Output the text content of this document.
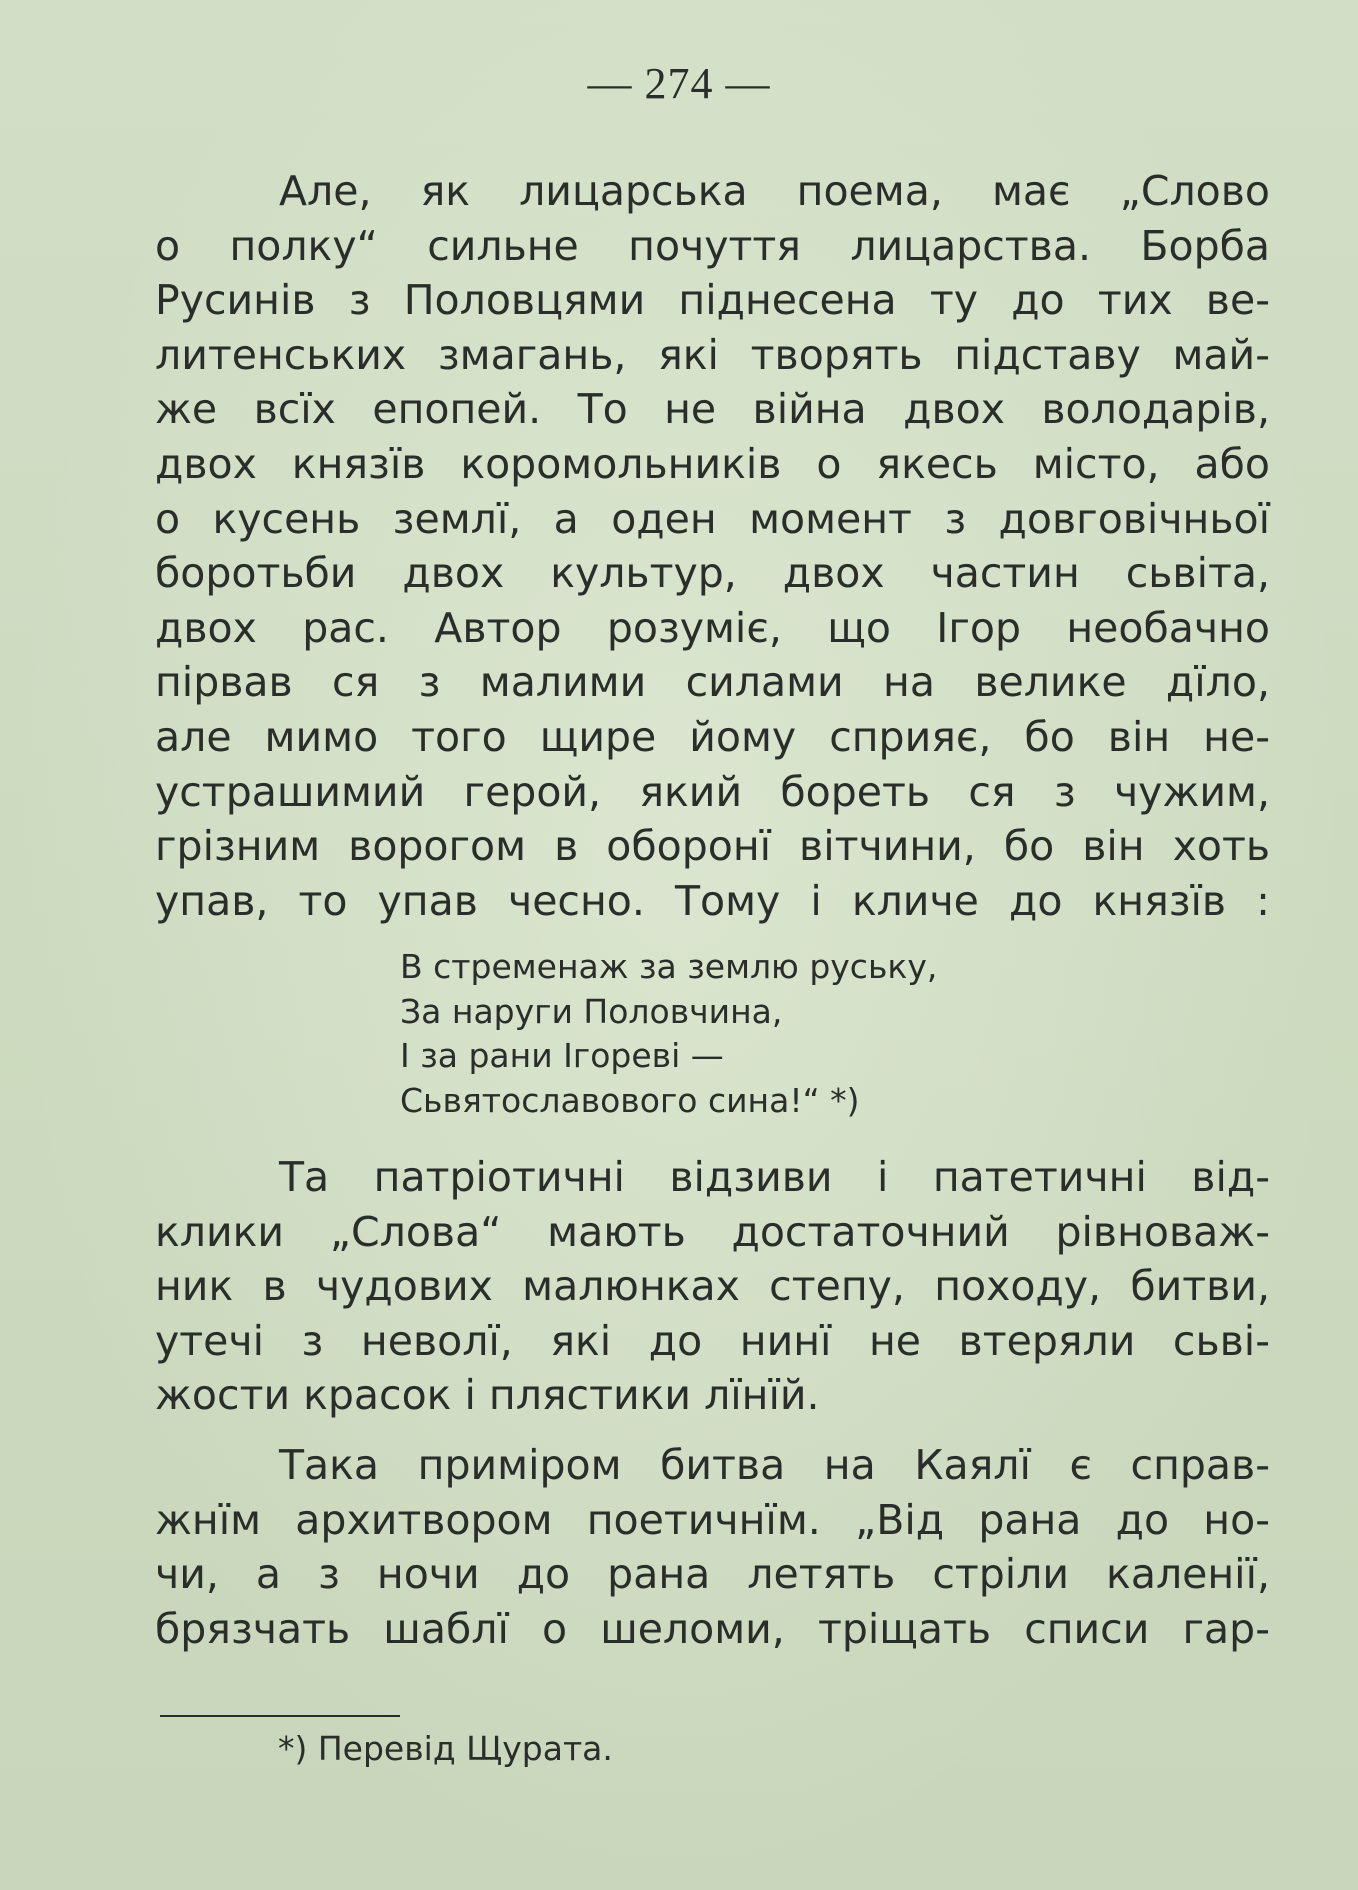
— 274 —
Але, як лицарська поема, має „Слово
о полку“ сильне почуття лицарства. Борба
Русинів з Половцями піднесена ту до тих ве-
литенських змагань, які творять підставу май-
же всїх епопей. То не війна двох володарів,
двох князїв коромольників о якесь місто, або
о кусень землї, а оден момент з довговічньої
боротьби двох культур, двох частин сьвіта,
двох рас. Автор розуміє, що Ігор необачно
пірвав ся з малими силами на велике дїло,
але мимо того щире йому сприяє, бо він не-
устрашимий герой, який бореть ся з чужим,
грізним ворогом в оборонї вітчини, бо він хоть
упав, то упав чесно. Тому і кличе до князїв :
В стременаж за землю руську,
За наруги Половчина,
І за рани Ігореві —
Сьвятославового сина!“ *)
Та патріотичні відзиви і патетичні від-
клики „Слова“ мають достаточний рівноваж-
ник в чудових малюнках степу, походу, битви,
утечі з неволї, які до нинї не втеряли сьві-
жости красок і плястики лїнїй.
Така приміром битва на Каялї є справ-
жнїм архитвором поетичнїм. „Від рана до но-
чи, а з ночи до рана летять стріли каленії,
брязчать шаблї о шеломи, тріщать списи гар-
*) Перевід Щурата.
